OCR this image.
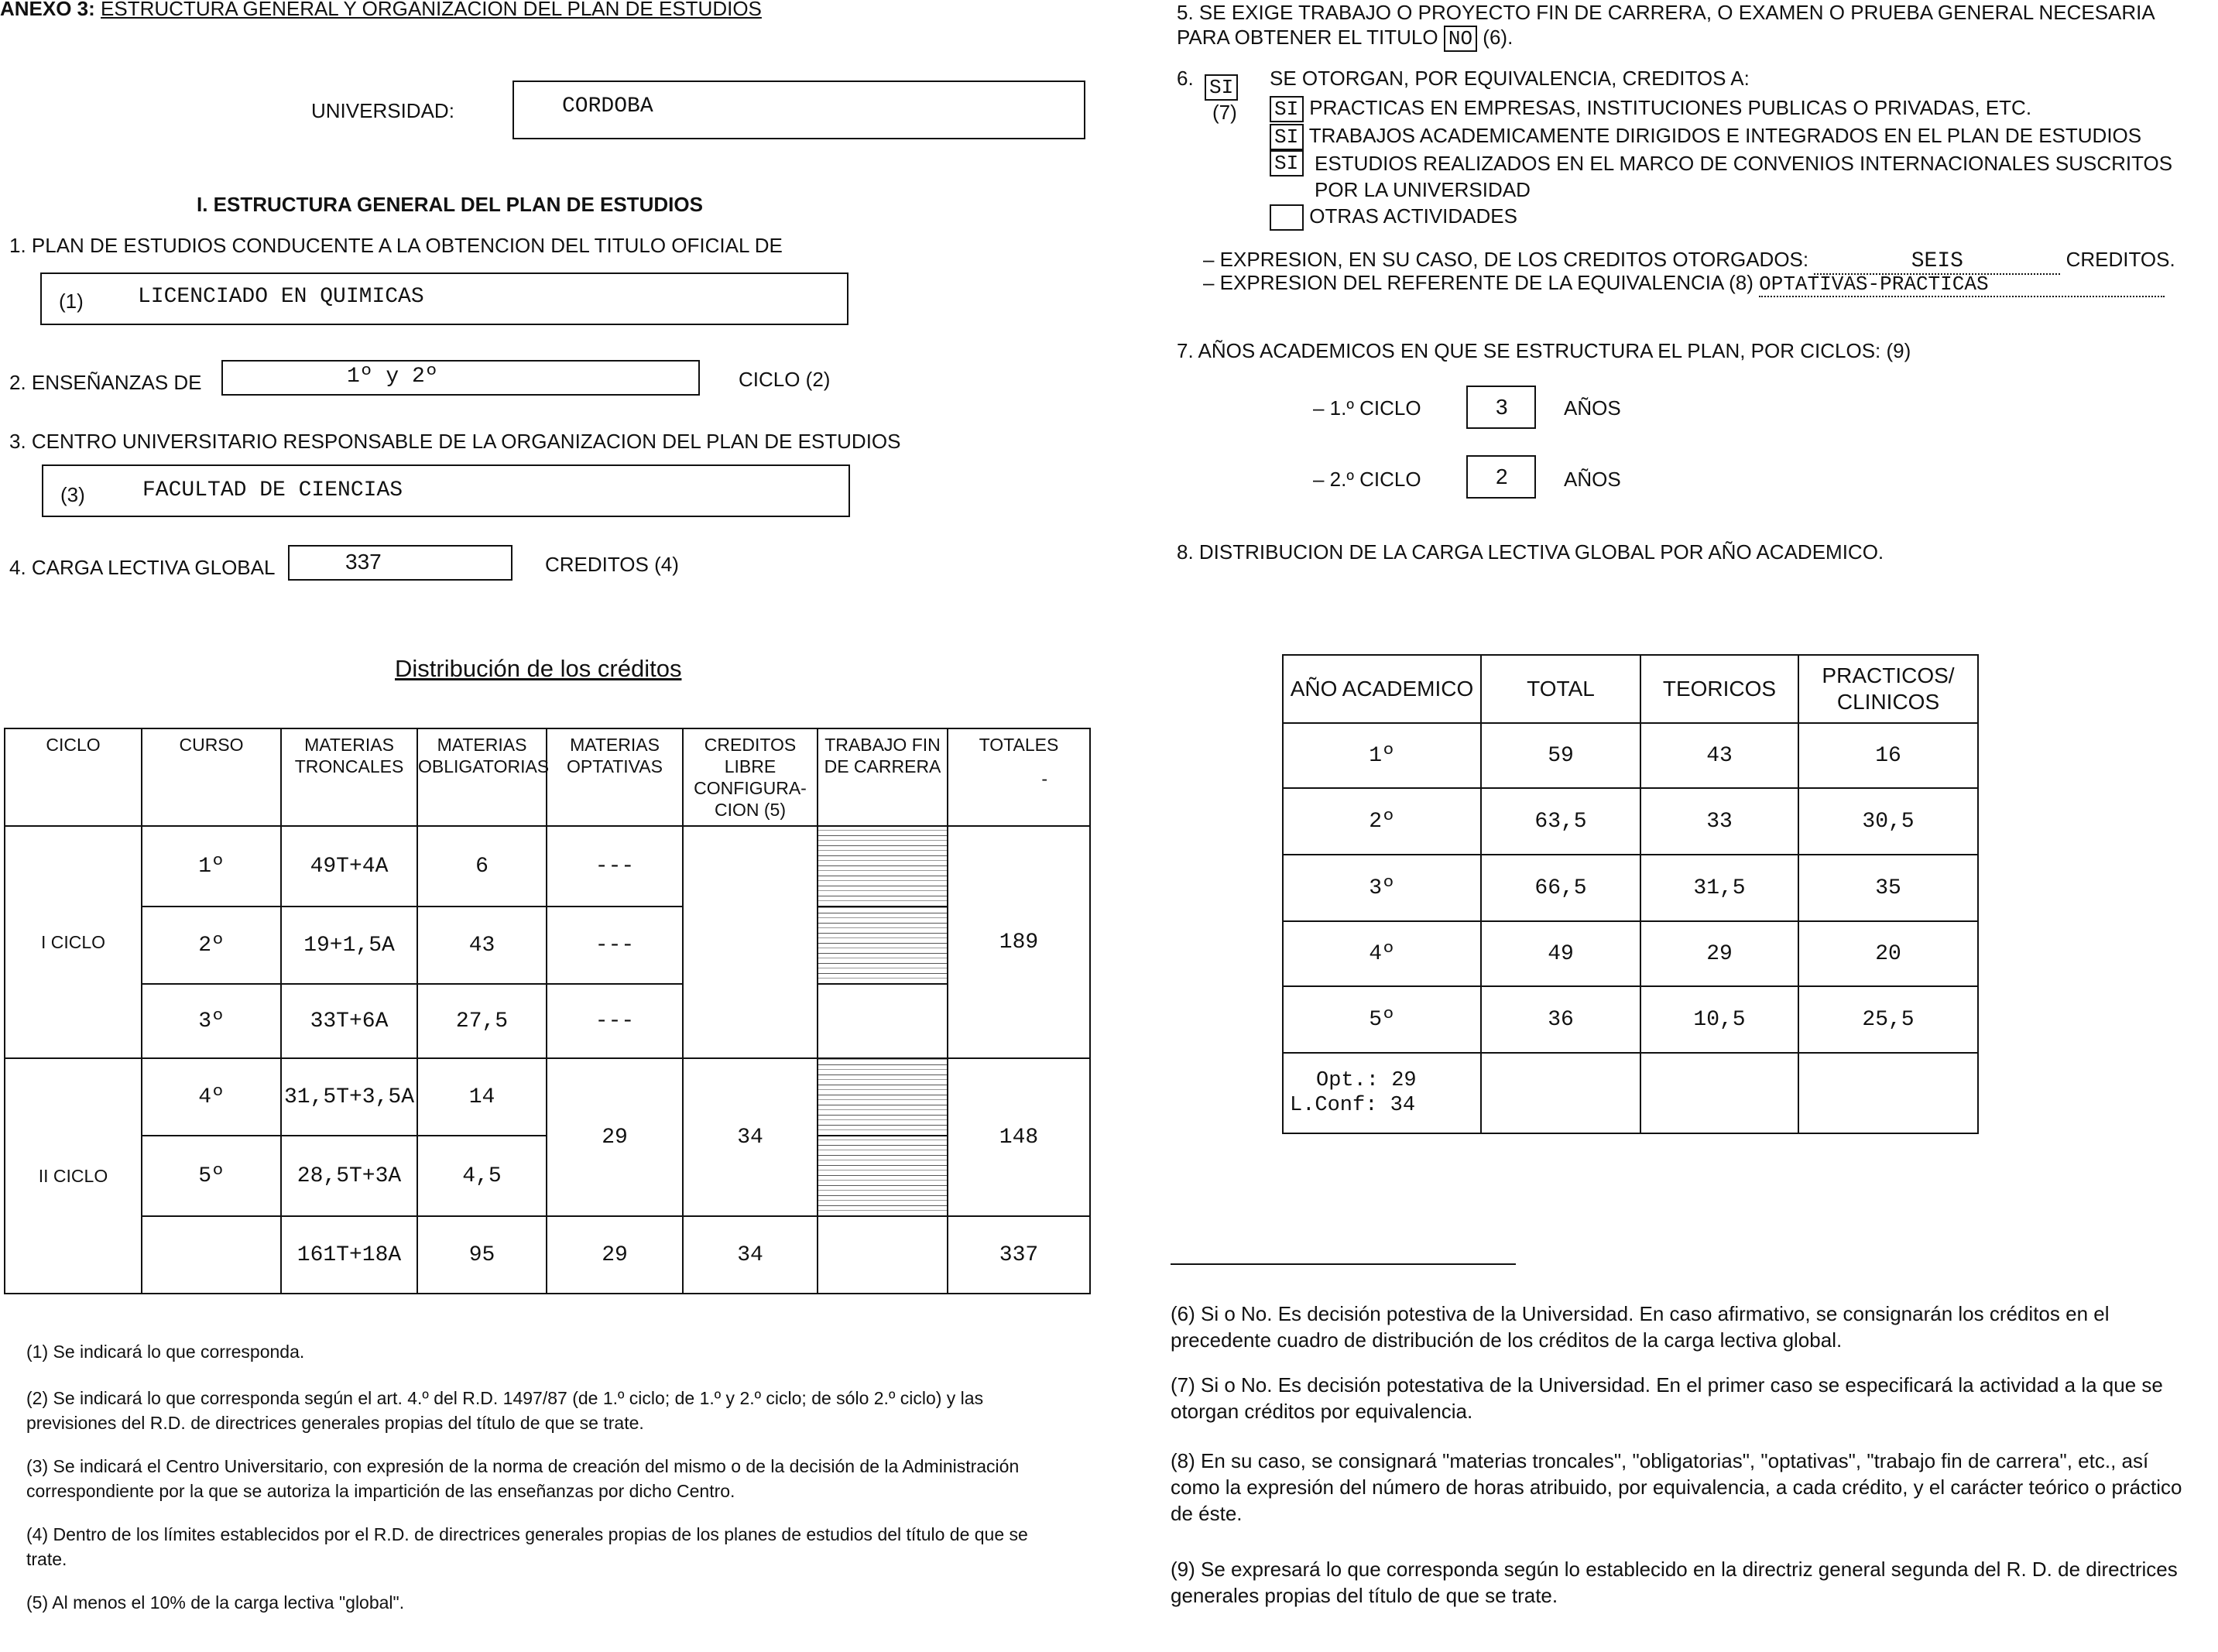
ANEXO 3: ESTRUCTURA GENERAL Y ORGANIZACION DEL PLAN DE ESTUDIOS
UNIVERSIDAD:	CORDOBA
I. ESTRUCTURA GENERAL DEL PLAN DE ESTUDIOS
1. PLAN DE ESTUDIOS CONDUCENTE A LA OBTENCION DEL TITULO OFICIAL DE
(1)	LICENCIADO EN QUIMICAS
2. ENSEÑANZAS DE	1º y 2º	CICLO (2)
3. CENTRO UNIVERSITARIO RESPONSABLE DE LA ORGANIZACION DEL PLAN DE ESTUDIOS
(3)	FACULTAD DE CIENCIAS
4. CARGA LECTIVA GLOBAL	337	CREDITOS (4)
Distribución de los créditos
CICLO	CURSO	MATERIAS TRONCALES	MATERIAS OBLIGATORIAS	MATERIAS OPTATIVAS	CREDITOS LIBRE CONFIGURA- CION (5)	TRABAJO FIN DE CARRERA	TOTALES
-

I CICLO	1º	49T+4A	6	---			189
	2º	19+1,5A	43	---			
	3º	33T+6A	27,5	---			
II CICLO	4º	31,5T+3,5A	14	29	34		148
	5º	28,5T+3A	4,5				
		161T+18A	95	29	34		337
(1) Se indicará lo que corresponda.
(2) Se indicará lo que corresponda según el art. 4.º del R.D. 1497/87 (de 1.º ciclo; de 1.º y 2.º ciclo; de sólo 2.º ciclo) y las previsiones del R.D. de directrices generales propias del título de que se trate.
(3) Se indicará el Centro Universitario, con expresión de la norma de creación del mismo o de la decisión de la Administración correspondiente por la que se autoriza la impartición de las enseñanzas por dicho Centro.
(4) Dentro de los límites establecidos por el R.D. de directrices generales propias de los planes de estudios del título de que se trate.
(5) Al menos el 10% de la carga lectiva "global".
5. SE EXIGE TRABAJO O PROYECTO FIN DE CARRERA, O EXAMEN O PRUEBA GENERAL NECESARIA PARA OBTENER EL TITULO NO (6).
6. SI
(7)
SE OTORGAN, POR EQUIVALENCIA, CREDITOS A:
SI PRACTICAS EN EMPRESAS, INSTITUCIONES PUBLICAS O PRIVADAS, ETC.
SI TRABAJOS ACADEMICAMENTE DIRIGIDOS E INTEGRADOS EN EL PLAN DE ESTUDIOS
SI ESTUDIOS REALIZADOS EN EL MARCO DE CONVENIOS INTERNACIONALES SUSCRITOS POR LA UNIVERSIDAD
OTRAS ACTIVIDADES
– EXPRESION, EN SU CASO, DE LOS CREDITOS OTORGADOS:	SEIS	CREDITOS.
– EXPRESION DEL REFERENTE DE LA EQUIVALENCIA (8) OPTATIVAS-PRACTICAS
7. AÑOS ACADEMICOS EN QUE SE ESTRUCTURA EL PLAN, POR CICLOS: (9)
– 1.º CICLO	3	AÑOS
– 2.º CICLO	2	AÑOS
8. DISTRIBUCION DE LA CARGA LECTIVA GLOBAL POR AÑO ACADEMICO.
AÑO ACADEMICO	TOTAL	TEORICOS	PRACTICOS/ CLINICOS
1º	59	43	16
2º	63,5	33	30,5
3º	66,5	31,5	35
4º	49	29	20
5º	36	10,5	25,5

Opt.: 29
L.Conf: 34			

(6) Si o No. Es decisión potestiva de la Universidad. En caso afirmativo, se consignarán los créditos en el precedente cuadro de distribución de los créditos de la carga lectiva global.
(7) Si o No. Es decisión potestativa de la Universidad. En el primer caso se especificará la actividad a la que se otorgan créditos por equivalencia.
(8) En su caso, se consignará "materias troncales", "obligatorias", "optativas", "trabajo fin de carrera", etc., así como la expresión del número de horas atribuido, por equivalencia, a cada crédito, y el carácter teórico o práctico de éste.
(9) Se expresará lo que corresponda según lo establecido en la directriz general segunda del R. D. de directrices generales propias del título de que se trate.
